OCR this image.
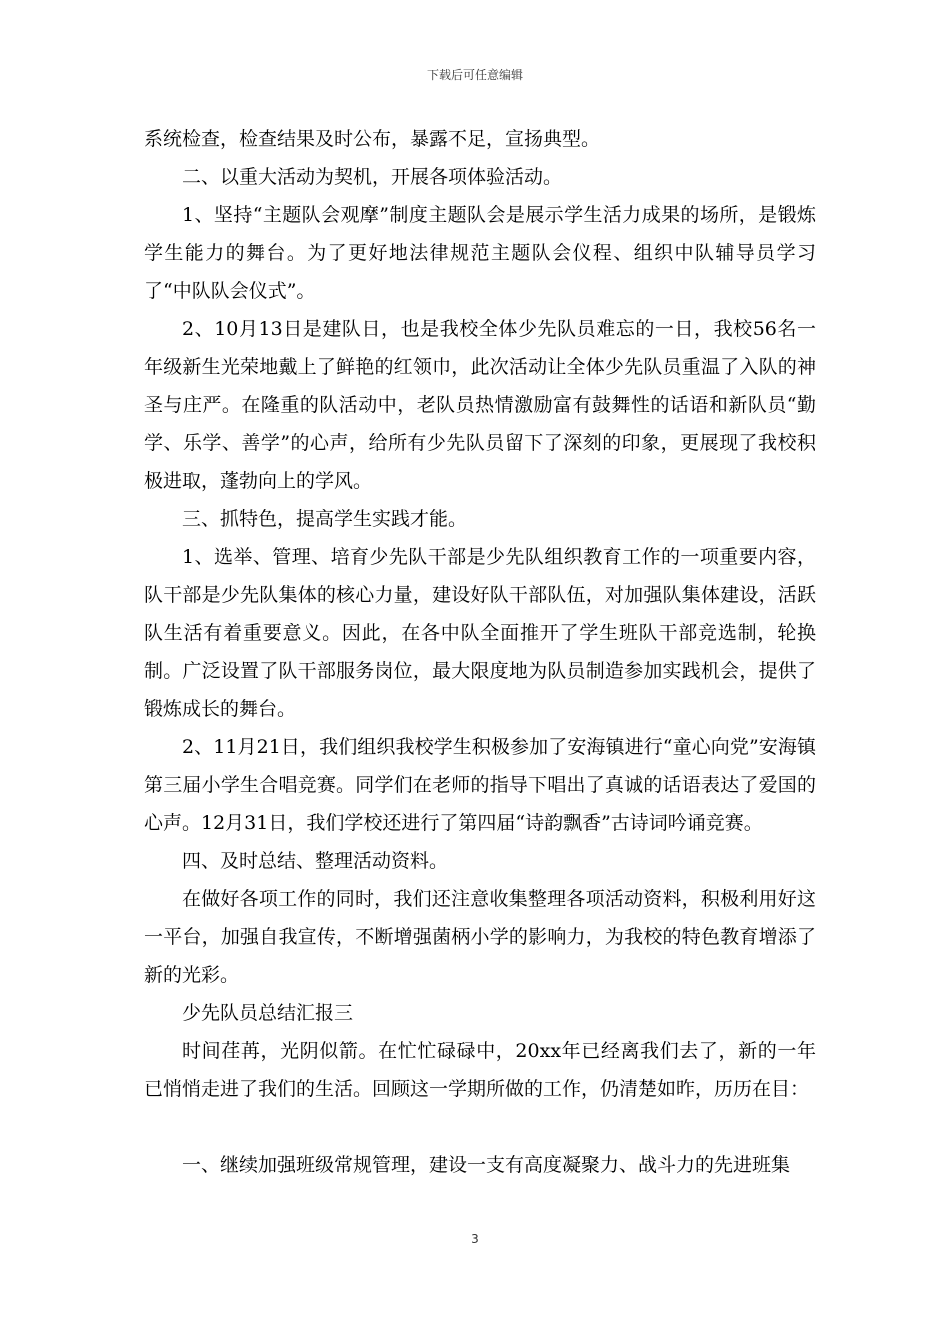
下载后可任意编辑

系统检查，检查结果及时公布，暴露不足，宣扬典型。

二、以重大活动为契机，开展各项体验活动。

1、坚持“主题队会观摩”制度主题队会是展示学生活力成果的场所，是锻炼学生能力的舞台。为了更好地法律规范主题队会仪程、组织中队辅导员学习了“中队队会仪式”。

2、10月13日是建队日，也是我校全体少先队员难忘的一日，我校56名一年级新生光荣地戴上了鲜艳的红领巾，此次活动让全体少先队员重温了入队的神圣与庄严。在隆重的队活动中，老队员热情激励富有鼓舞性的话语和新队员“勤学、乐学、善学”的心声，给所有少先队员留下了深刻的印象，更展现了我校积极进取，蓬勃向上的学风。

三、抓特色，提高学生实践才能。

1、选举、管理、培育少先队干部是少先队组织教育工作的一项重要内容，队干部是少先队集体的核心力量，建设好队干部队伍，对加强队集体建设，活跃队生活有着重要意义。因此，在各中队全面推开了学生班队干部竞选制，轮换制。广泛设置了队干部服务岗位，最大限度地为队员制造参加实践机会，提供了锻炼成长的舞台。

2、11月21日，我们组织我校学生积极参加了安海镇进行“童心向党”安海镇第三届小学生合唱竞赛。同学们在老师的指导下唱出了真诚的话语表达了爱国的心声。12月31日，我们学校还进行了第四届“诗韵飘香”古诗词吟诵竞赛。

四、及时总结、整理活动资料。

在做好各项工作的同时，我们还注意收集整理各项活动资料，积极利用好这一平台，加强自我宣传，不断增强菌柄小学的影响力，为我校的特色教育增添了新的光彩。

少先队员总结汇报三

时间荏苒，光阴似箭。在忙忙碌碌中，20xx年已经离我们去了，新的一年已悄悄走进了我们的生活。回顾这一学期所做的工作，仍清楚如昨，历历在目：

一、继续加强班级常规管理，建设一支有高度凝聚力、战斗力的先进班集

3
